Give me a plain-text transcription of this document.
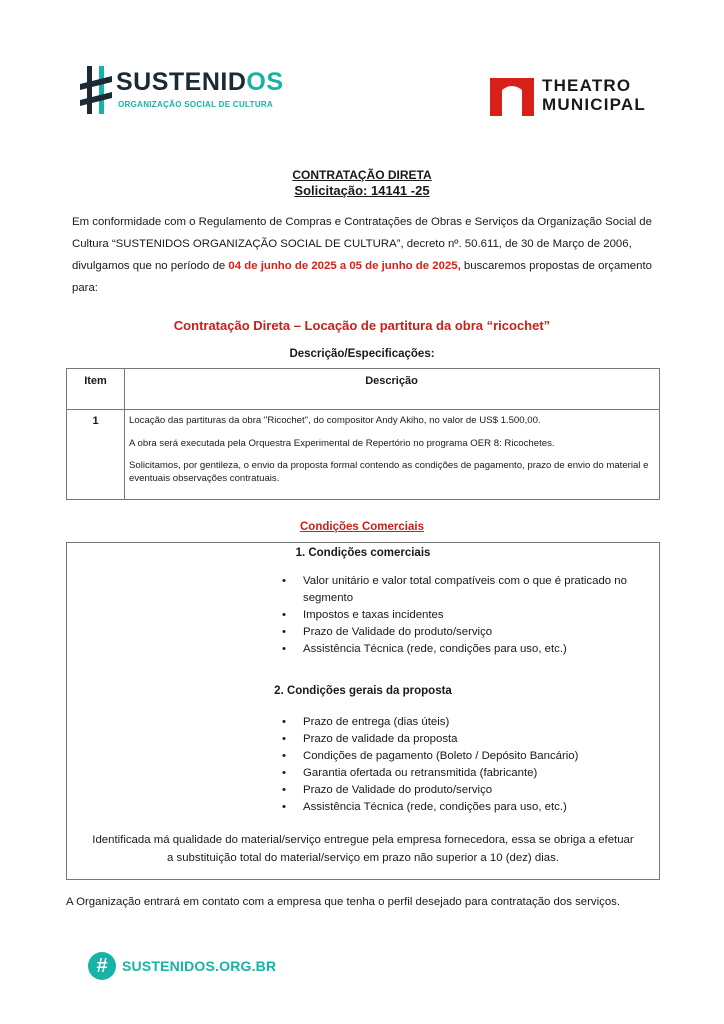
SUSTENIDOS
ORGANIZAÇÃO SOCIAL DE CULTURA
THEATRO
MUNICIPAL
CONTRATAÇÃO DIRETA
Solicitação: 14141 -25
Em conformidade com o Regulamento de Compras e Contratações de Obras e Serviços da Organização Social de Cultura “SUSTENIDOS ORGANIZAÇÃO SOCIAL DE CULTURA”, decreto nº. 50.611, de 30 de Março de 2006, divulgamos que no período de 04 de junho de 2025 a 05 de junho de 2025, buscaremos propostas de orçamento para:
Contratação Direta – Locação de partitura da obra “ricochet”
Descrição/Especificações:
Item	Descrição
1	Locação das partituras da obra "Ricochet", do compositor Andy Akiho, no valor de US$ 1.500,00.

A obra será executada pela Orquestra Experimental de Repertório no programa OER 8: Ricochetes.

Solicitamos, por gentileza, o envio da proposta formal contendo as condições de pagamento, prazo de envio do material e eventuais observações contratuais.

Condições Comerciais
1. Condições comerciais
• Valor unitário e valor total compatíveis com o que é praticado no segmento
• Impostos e taxas incidentes
• Prazo de Validade do produto/serviço
• Assistência Técnica (rede, condições para uso, etc.)
2. Condições gerais da proposta
• Prazo de entrega (dias úteis)
• Prazo de validade da proposta
• Condições de pagamento (Boleto / Depósito Bancário)
• Garantia ofertada ou retransmitida (fabricante)
• Prazo de Validade do produto/serviço
• Assistência Técnica (rede, condições para uso, etc.)
Identificada má qualidade do material/serviço entregue pela empresa fornecedora, essa se obriga a efetuar
a substituição total do material/serviço em prazo não superior a 10 (dez) dias.
A Organização entrará em contato com a empresa que tenha o perfil desejado para contratação dos serviços.
#	SUSTENIDOS.ORG.BR
